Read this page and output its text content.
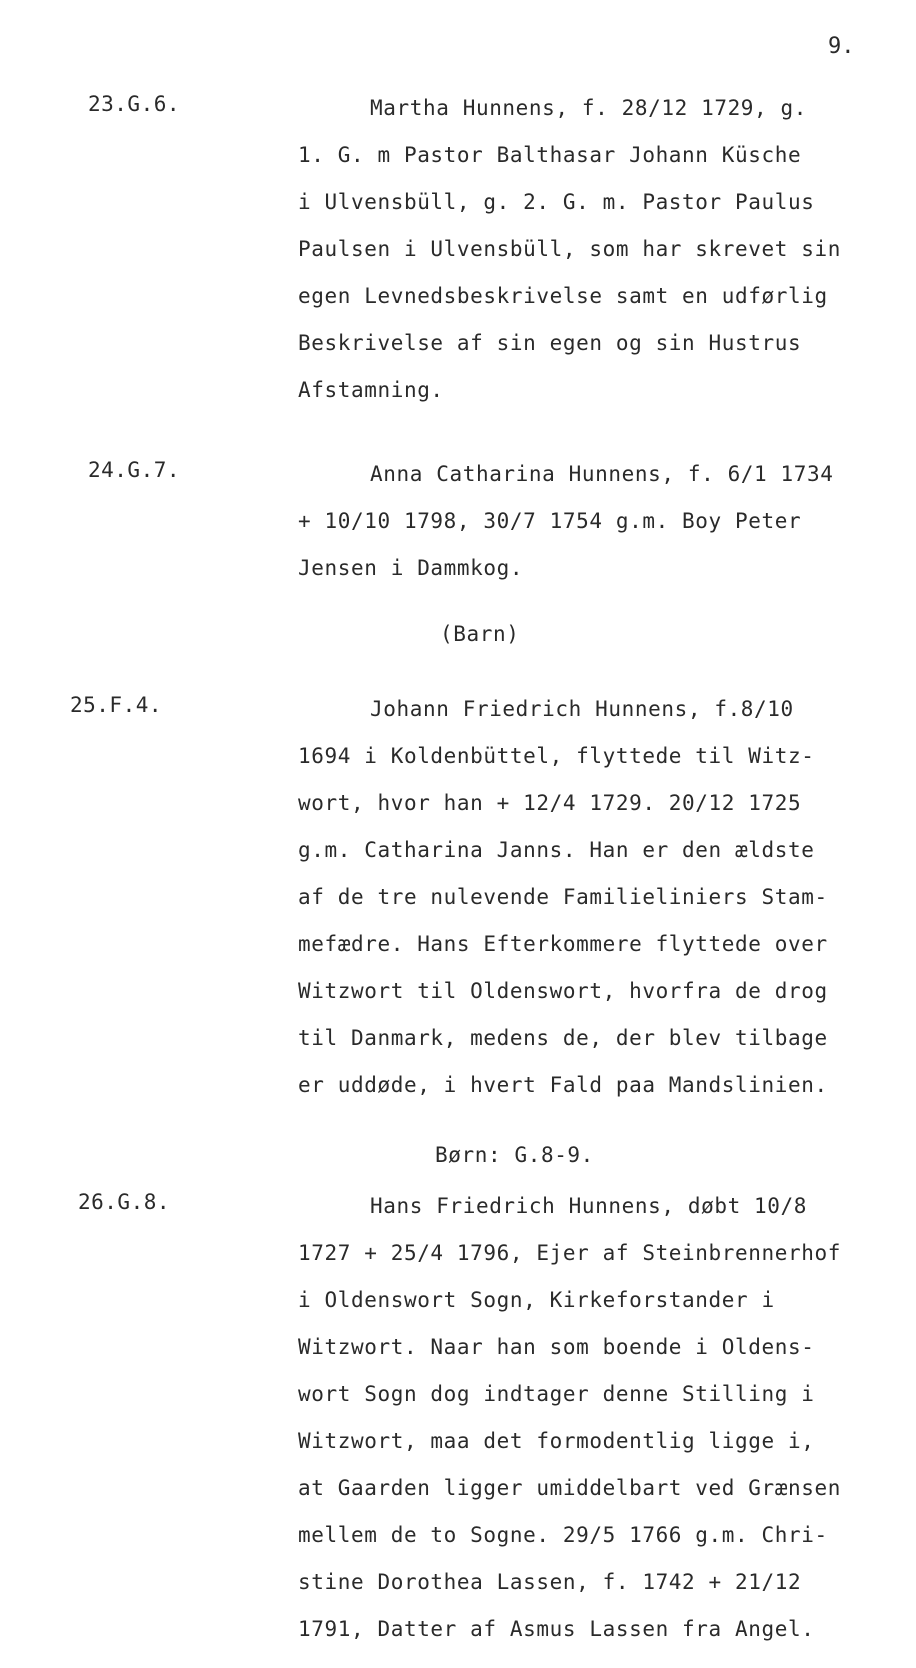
9.
23.G.6.	Martha Hunnens, f. 28/12 1729, g.
1. G. m Pastor Balthasar Johann Küsche
i Ulvensbüll, g. 2. G. m. Pastor Paulus
Paulsen i Ulvensbüll, som har skrevet sin
egen Levnedsbeskrivelse samt en udførlig
Beskrivelse af sin egen og sin Hustrus
Afstamning.
24.G.7.	Anna Catharina Hunnens, f. 6/1 1734
+ 10/10 1798, 30/7 1754 g.m. Boy Peter
Jensen i Dammkog.
(Barn)
25.F.4.	Johann Friedrich Hunnens, f.8/10
1694 i Koldenbüttel, flyttede til Witz-
wort, hvor han + 12/4 1729. 20/12 1725
g.m. Catharina Janns. Han er den ældste
af de tre nulevende Familieliniers Stam-
mefædre. Hans Efterkommere flyttede over
Witzwort til Oldenswort, hvorfra de drog
til Danmark, medens de, der blev tilbage
er uddøde, i hvert Fald paa Mandslinien.
Børn: G.8-9.
26.G.8.	Hans Friedrich Hunnens, døbt 10/8
1727 + 25/4 1796, Ejer af Steinbrennerhof
i Oldenswort Sogn, Kirkeforstander i
Witzwort. Naar han som boende i Oldens-
wort Sogn dog indtager denne Stilling i
Witzwort, maa det formodentlig ligge i,
at Gaarden ligger umiddelbart ved Grænsen
mellem de to Sogne. 29/5 1766 g.m. Chri-
stine Dorothea Lassen, f. 1742 + 21/12
1791, Datter af Asmus Lassen fra Angel.
